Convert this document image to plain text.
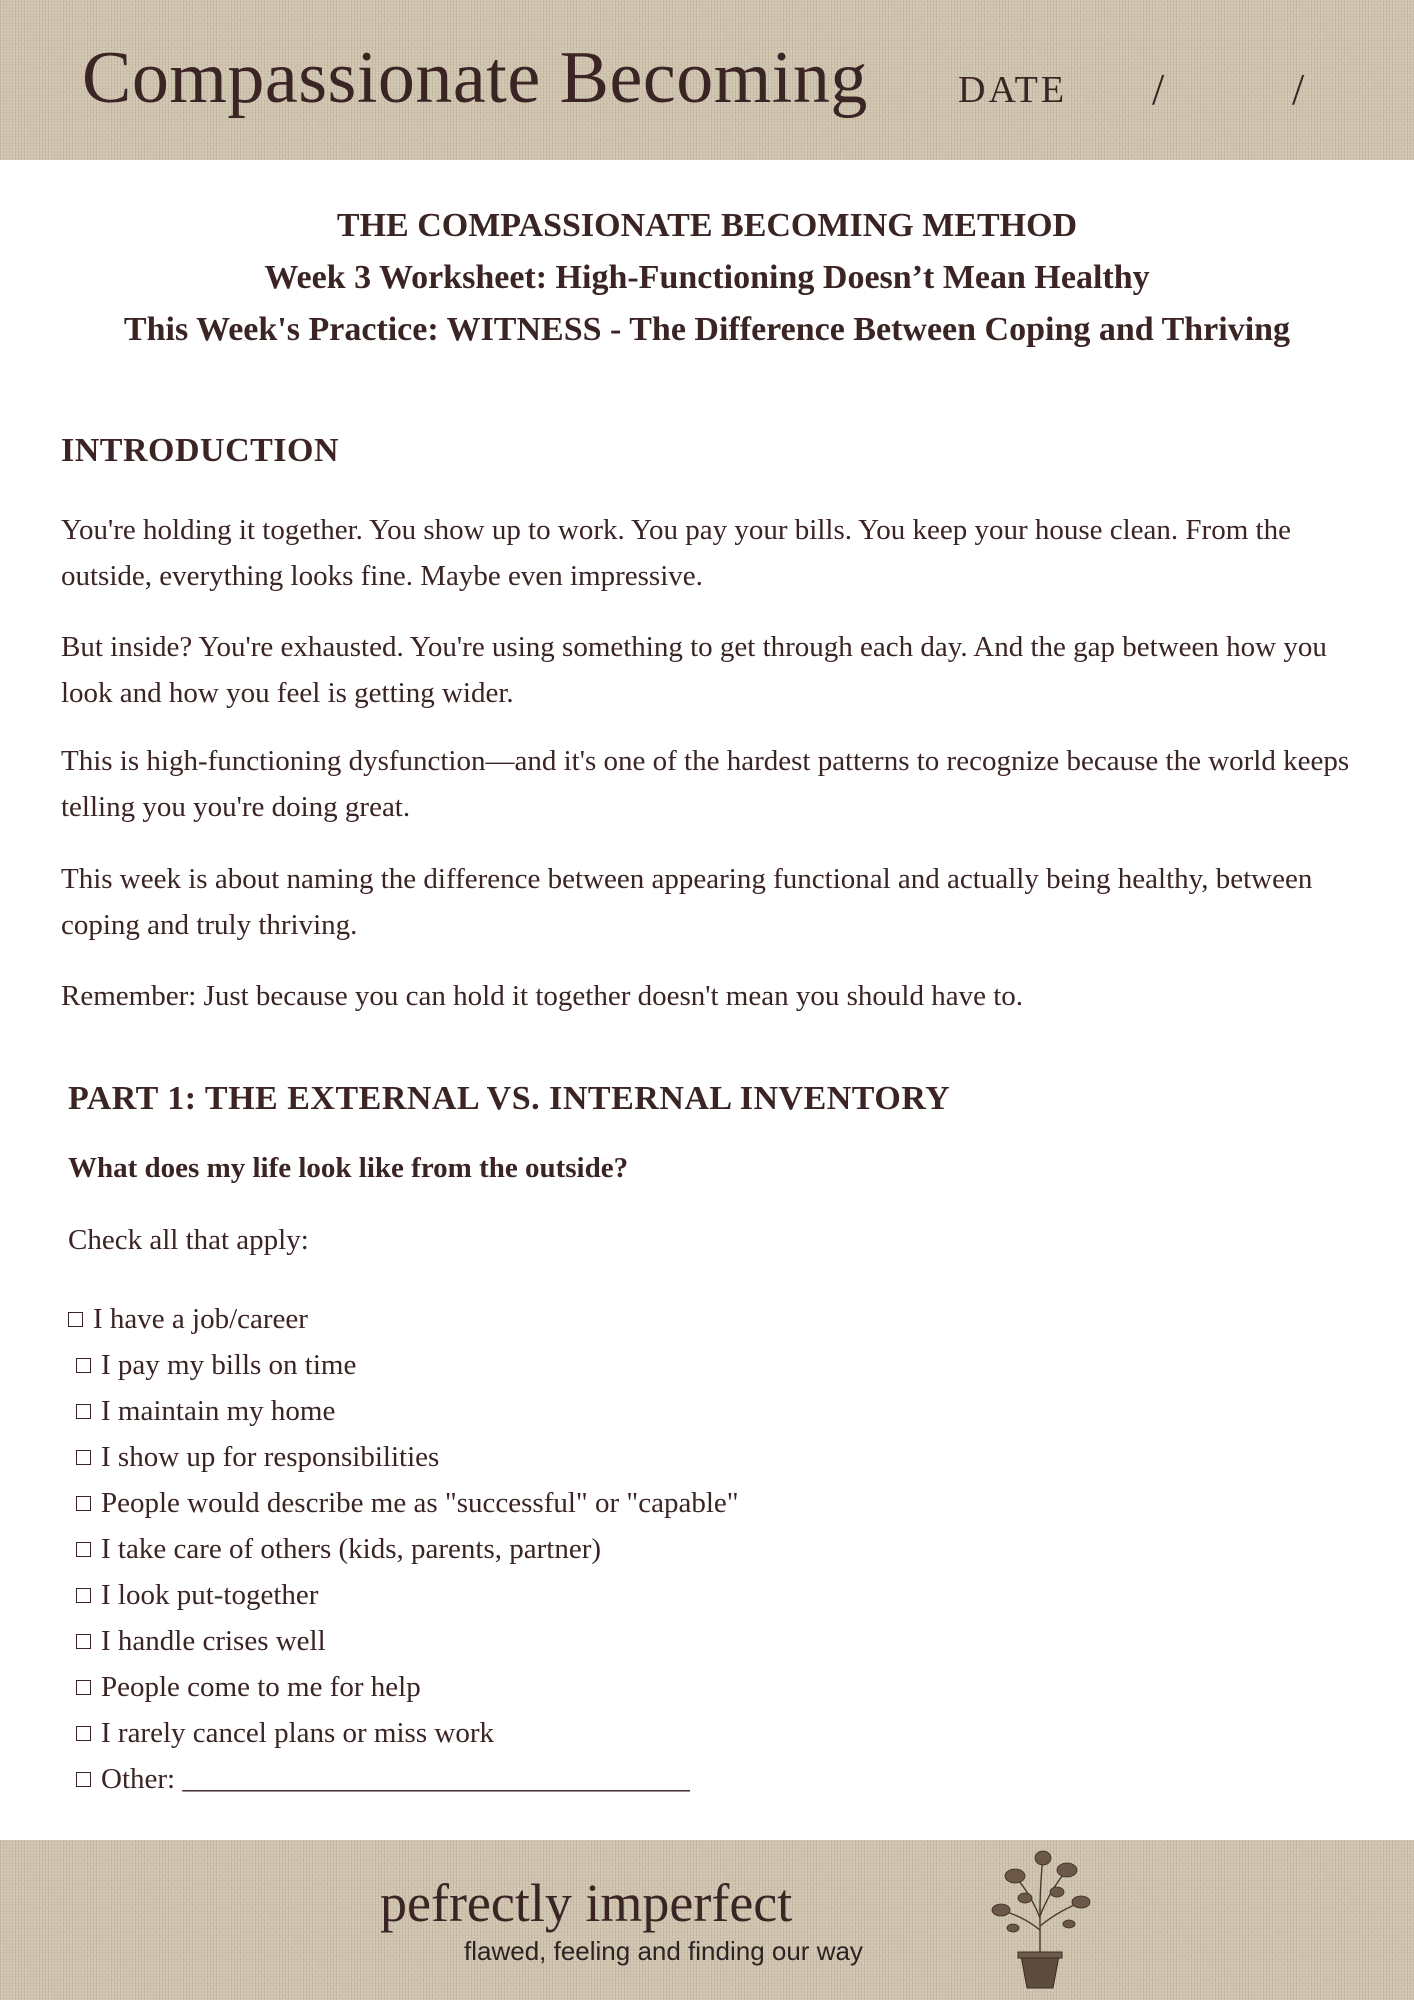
Compassionate Becoming DATE /	/
THE COMPASSIONATE BECOMING METHOD
Week 3 Worksheet: High-Functioning Doesn’t Mean Healthy
This Week's Practice: WITNESS - The Difference Between Coping and Thriving
INTRODUCTION

You're holding it together. You show up to work. You pay your bills. You keep your house clean. From the outside, everything looks fine. Maybe even impressive.

But inside? You're exhausted. You're using something to get through each day. And the gap between how you look and how you feel is getting wider.

This is high-functioning dysfunction—and it's one of the hardest patterns to recognize because the world keeps telling you you're doing great.

This week is about naming the difference between appearing functional and actually being healthy, between coping and truly thriving.

Remember: Just because you can hold it together doesn't mean you should have to.

PART 1: THE EXTERNAL VS. INTERNAL INVENTORY
What does my life look like from the outside?
Check all that apply:
I have a job/career
I pay my bills on time
I maintain my home
I show up for responsibilities
People would describe me as "successful" or "capable"
I take care of others (kids, parents, partner)
I look put-together
I handle crises well
People come to me for help
I rarely cancel plans or miss work
Other: ___________________________________
pefrectly imperfect
flawed, feeling and finding our way
